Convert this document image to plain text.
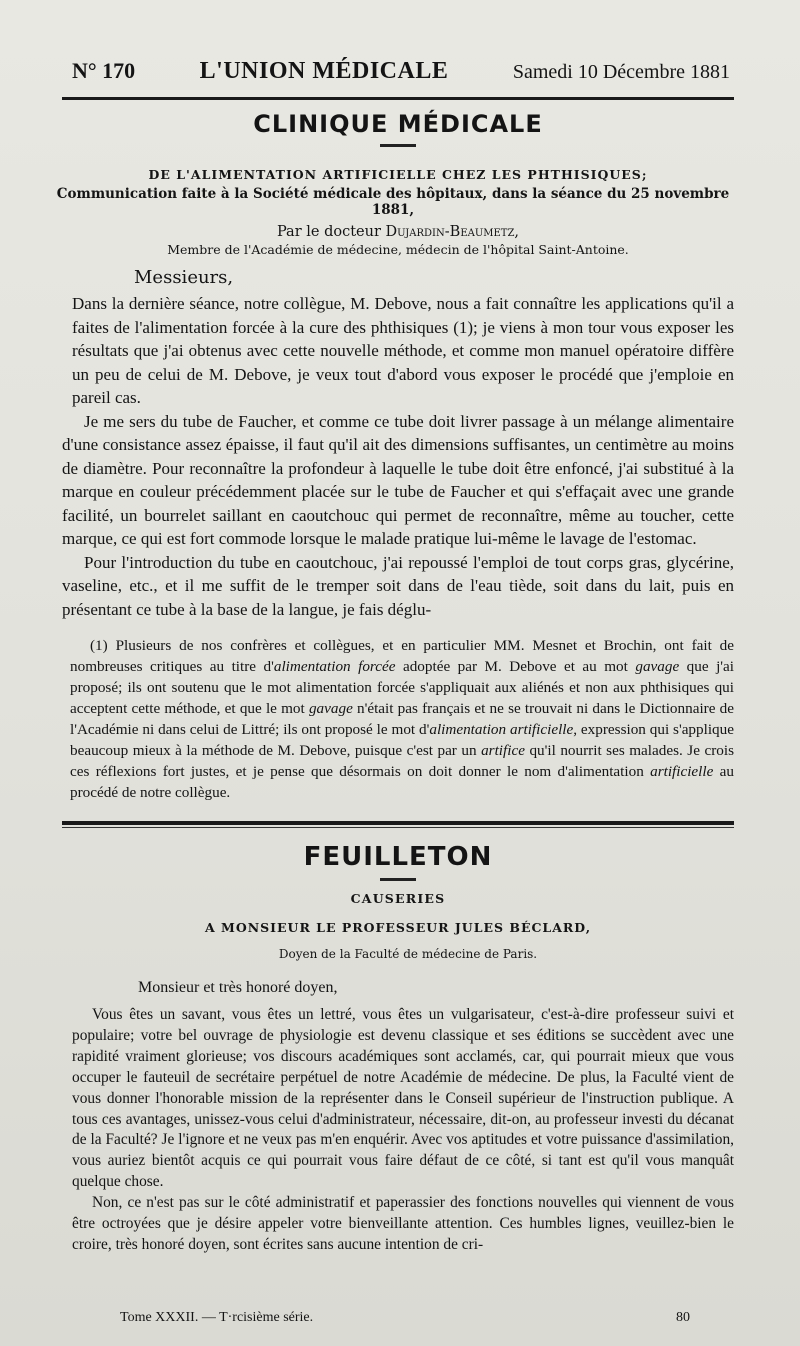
N° 170	L'UNION MÉDICALE	Samedi 10 Décembre 1881
CLINIQUE MÉDICALE
DE L'ALIMENTATION ARTIFICIELLE CHEZ LES PHTHISIQUES;
Communication faite à la Société médicale des hôpitaux, dans la séance du 25 novembre 1881,
Par le docteur Dujardin-Beaumetz,
Membre de l'Académie de médecine, médecin de l'hôpital Saint-Antoine.
Messieurs,

Dans la dernière séance, notre collègue, M. Debove, nous a fait connaître les applications qu'il a faites de l'alimentation forcée à la cure des phthisiques (1); je viens à mon tour vous exposer les résultats que j'ai obtenus avec cette nouvelle méthode, et comme mon manuel opératoire diffère un peu de celui de M. Debove, je veux tout d'abord vous exposer le procédé que j'emploie en pareil cas.

Je me sers du tube de Faucher, et comme ce tube doit livrer passage à un mélange alimentaire d'une consistance assez épaisse, il faut qu'il ait des dimensions suffisantes, un centimètre au moins de diamètre. Pour reconnaître la profondeur à laquelle le tube doit être enfoncé, j'ai substitué à la marque en couleur précédemment placée sur le tube de Faucher et qui s'effaçait avec une grande facilité, un bourrelet saillant en caoutchouc qui permet de reconnaître, même au toucher, cette marque, ce qui est fort commode lorsque le malade pratique lui-même le lavage de l'estomac.

Pour l'introduction du tube en caoutchouc, j'ai repoussé l'emploi de tout corps gras, glycérine, vaseline, etc., et il me suffit de le tremper soit dans de l'eau tiède, soit dans du lait, puis en présentant ce tube à la base de la langue, je fais déglu-

(1) Plusieurs de nos confrères et collègues, et en particulier MM. Mesnet et Brochin, ont fait de nombreuses critiques au titre d'alimentation forcée adoptée par M. Debove et au mot gavage que j'ai proposé; ils ont soutenu que le mot alimentation forcée s'appliquait aux aliénés et non aux phthisiques qui acceptent cette méthode, et que le mot gavage n'était pas français et ne se trouvait ni dans le Dictionnaire de l'Académie ni dans celui de Littré; ils ont proposé le mot d'alimentation artificielle, expression qui s'applique beaucoup mieux à la méthode de M. Debove, puisque c'est par un artifice qu'il nourrit ses malades. Je crois ces réflexions fort justes, et je pense que désormais on doit donner le nom d'alimentation artificielle au procédé de notre collègue.
FEUILLETON
CAUSERIES
A MONSIEUR LE PROFESSEUR JULES BÉCLARD,
Doyen de la Faculté de médecine de Paris.
Monsieur et très honoré doyen,

Vous êtes un savant, vous êtes un lettré, vous êtes un vulgarisateur, c'est-à-dire professeur suivi et populaire; votre bel ouvrage de physiologie est devenu classique et ses éditions se succèdent avec une rapidité vraiment glorieuse; vos discours académiques sont acclamés, car, qui pourrait mieux que vous occuper le fauteuil de secrétaire perpétuel de notre Académie de médecine. De plus, la Faculté vient de vous donner l'honorable mission de la représenter dans le Conseil supérieur de l'instruction publique. A tous ces avantages, unissez-vous celui d'administrateur, nécessaire, dit-on, au professeur investi du décanat de la Faculté? Je l'ignore et ne veux pas m'en enquérir. Avec vos aptitudes et votre puissance d'assimilation, vous auriez bientôt acquis ce qui pourrait vous faire défaut de ce côté, si tant est qu'il vous manquât quelque chose.

Non, ce n'est pas sur le côté administratif et paperassier des fonctions nouvelles qui viennent de vous être octroyées que je désire appeler votre bienveillante attention. Ces humbles lignes, veuillez-bien le croire, très honoré doyen, sont écrites sans aucune intention de cri-

Tome XXXII. — T·rcisième série.	80
